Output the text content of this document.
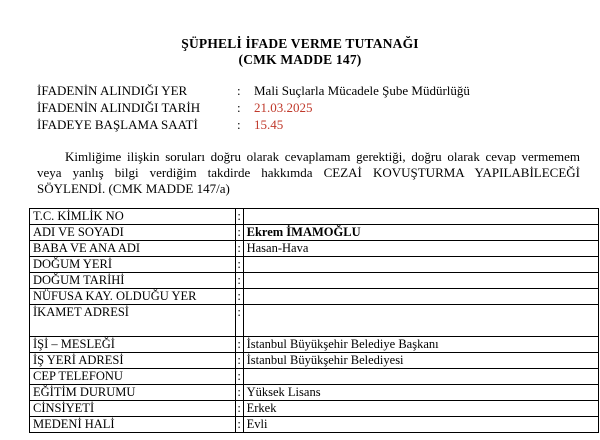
ŞÜPHELİ İFADE VERME TUTANAĞI
(CMK MADDE 147)
İFADENİN ALINDIĞI YER	: Mali Suçlarla Mücadele Şube Müdürlüğü
İFADENİN ALINDIĞI TARİH	: 21.03.2025
İFADEYE BAŞLAMA SAATİ	: 15.45

Kimliğime ilişkin soruları doğru olarak cevaplamam gerektiği, doğru olarak cevap vermemem veya yanlış bilgi verdiğim takdirde hakkımda CEZAİ KOVUŞTURMA YAPILABİLECEĞİ SÖYLENDİ. (CMK MADDE 147/a)

T.C. KİMLİK NO	:	
ADI VE SOYADI	:	Ekrem İMAMOĞLU
BABA VE ANA ADI	:	Hasan-Hava
DOĞUM YERİ	:	
DOĞUM TARİHİ	:	
NÜFUSA KAY. OLDUĞU YER	:	
İKAMET ADRESİ	:	
İŞİ – MESLEĞİ	:	İstanbul Büyükşehir Belediye Başkanı
İŞ YERİ ADRESİ	:	İstanbul Büyükşehir Belediyesi
CEP TELEFONU	:	
EĞİTİM DURUMU	:	Yüksek Lisans
CİNSİYETİ	:	Erkek
MEDENİ HALİ	:	Evli
